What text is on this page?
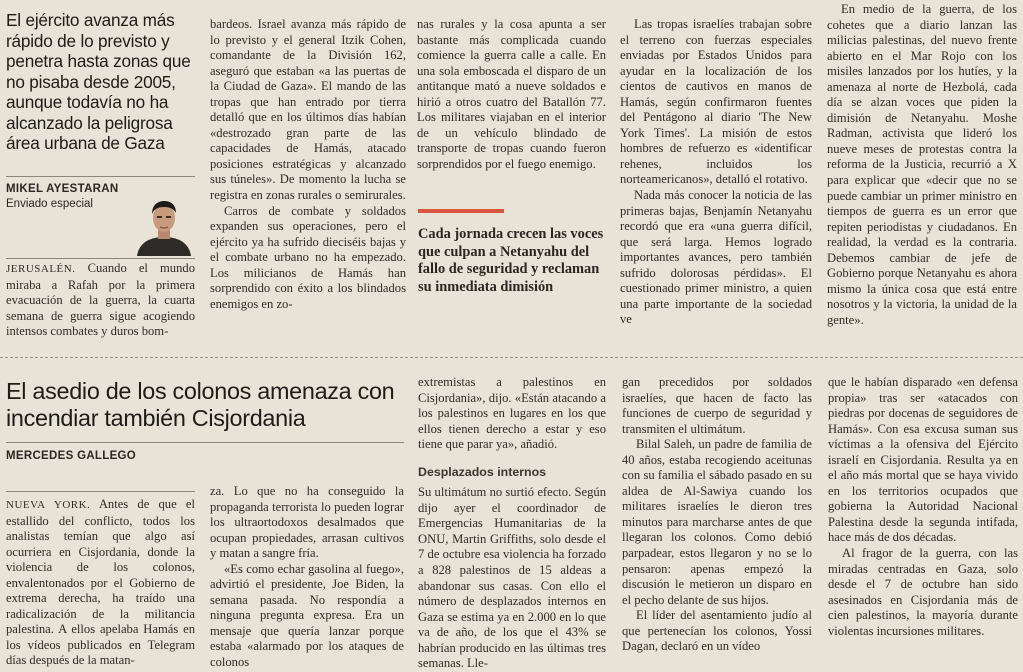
El ejército avanza más rápido de lo previsto y penetra hasta zonas que no pisaba desde 2005, aunque todavía no ha alcanzado la peligrosa área urbana de Gaza
MIKEL AYESTARAN
Enviado especial

JERUSALÉN. Cuando el mundo miraba a Rafah por la primera evacuación de la guerra, la cuarta semana de guerra sigue acogiendo intensos combates y duros bom-

bardeos. Israel avanza más rápido de lo previsto y el general Itzik Cohen, comandante de la División 162, aseguró que estaban «a las puertas de la Ciudad de Gaza». El mando de las tropas que han entrado por tierra detalló que en los últimos días habían «destrozado gran parte de las capacidades de Hamás, atacado posiciones estratégicas y alcanzado sus túneles». De momento la lucha se registra en zonas rurales o semirurales.

Carros de combate y soldados expanden sus operaciones, pero el ejército ya ha sufrido dieciséis bajas y el combate urbano no ha empezado. Los milicianos de Hamás han sorprendido con éxito a los blindados enemigos en zo-

nas rurales y la cosa apunta a ser bastante más complicada cuando comience la guerra calle a calle. En una sola emboscada el disparo de un antitanque mató a nueve soldados e hirió a otros cuatro del Batallón 77. Los militares viajaban en el interior de un vehículo blindado de transporte de tropas cuando fueron sorprendidos por el fuego enemigo.

Cada jornada crecen las voces que culpan a Netanyahu del fallo de seguridad y reclaman su inmediata dimisión

Las tropas israelíes trabajan sobre el terreno con fuerzas especiales enviadas por Estados Unidos para ayudar en la localización de los cientos de cautivos en manos de Hamás, según confirmaron fuentes del Pentágono al diario 'The New York Times'. La misión de estos hombres de refuerzo es «identificar rehenes, incluidos los norteamericanos», detalló el rotativo.

Nada más conocer la noticia de las primeras bajas, Benjamín Netanyahu recordó que era «una guerra difícil, que será larga. Hemos logrado importantes avances, pero también sufrido dolorosas pérdidas». El cuestionado primer ministro, a quien una parte importante de la sociedad ve

En medio de la guerra, de los cohetes que a diario lanzan las milicias palestinas, del nuevo frente abierto en el Mar Rojo con los misiles lanzados por los hutíes, y la amenaza al norte de Hezbolá, cada día se alzan voces que piden la dimisión de Netanyahu. Moshe Radman, activista que lideró los nueve meses de protestas contra la reforma de la Justicia, recurrió a X para explicar que «decir que no se puede cambiar un primer ministro en tiempos de guerra es un error que repiten periodistas y ciudadanos. En realidad, la verdad es la contraria. Debemos cambiar de jefe de Gobierno porque Netanyahu es ahora mismo la única cosa que está entre nosotros y la victoria, la unidad de la gente».

El asedio de los colonos amenaza con incendiar también Cisjordania
MERCEDES GALLEGO

NUEVA YORK. Antes de que el estallido del conflicto, todos los analistas temían que algo así ocurriera en Cisjordania, donde la violencia de los colonos, envalentonados por el Gobierno de extrema derecha, ha traído una radicalización de la militancia palestina. A ellos apelaba Hamás en los vídeos publicados en Telegram días después de la matan-

za. Lo que no ha conseguido la propaganda terrorista lo pueden lograr los ultraortodoxos desalmados que ocupan propiedades, arrasan cultivos y matan a sangre fría.

«Es como echar gasolina al fuego», advirtió el presidente, Joe Biden, la semana pasada. No respondía a ninguna pregunta expresa. Era un mensaje que quería lanzar porque estaba «alarmado por los ataques de colonos

extremistas a palestinos en Cisjordania», dijo. «Están atacando a los palestinos en lugares en los que ellos tienen derecho a estar y eso tiene que parar ya», añadió.

Desplazados internos

Su ultimátum no surtió efecto. Según dijo ayer el coordinador de Emergencias Humanitarias de la ONU, Martin Griffiths, solo desde el 7 de octubre esa violencia ha forzado a 828 palestinos de 15 aldeas a abandonar sus casas. Con ello el número de desplazados internos en Gaza se estima ya en 2.000 en lo que va de año, de los que el 43% se habrían producido en las últimas tres semanas. Lle-

gan precedidos por soldados israelíes, que hacen de facto las funciones de cuerpo de seguridad y transmiten el ultimátum.

Bilal Saleh, un padre de familia de 40 años, estaba recogiendo aceitunas con su familia el sábado pasado en su aldea de Al-Sawiya cuando los militares israelíes le dieron tres minutos para marcharse antes de que llegaran los colonos. Como debió parpadear, estos llegaron y no se lo pensaron: apenas empezó la discusión le metieron un disparo en el pecho delante de sus hijos.

El líder del asentamiento judío al que pertenecían los colonos, Yossi Dagan, declaró en un vídeo

que le habían disparado «en defensa propia» tras ser «atacados con piedras por docenas de seguidores de Hamás». Con esa excusa suman sus víctimas a la ofensiva del Ejército israelí en Cisjordania. Resulta ya en el año más mortal que se haya vivido en los territorios ocupados que gobierna la Autoridad Nacional Palestina desde la segunda intifada, hace más de dos décadas.

Al fragor de la guerra, con las miradas centradas en Gaza, solo desde el 7 de octubre han sido asesinados en Cisjordania más de cien palestinos, la mayoría durante violentas incursiones militares.
